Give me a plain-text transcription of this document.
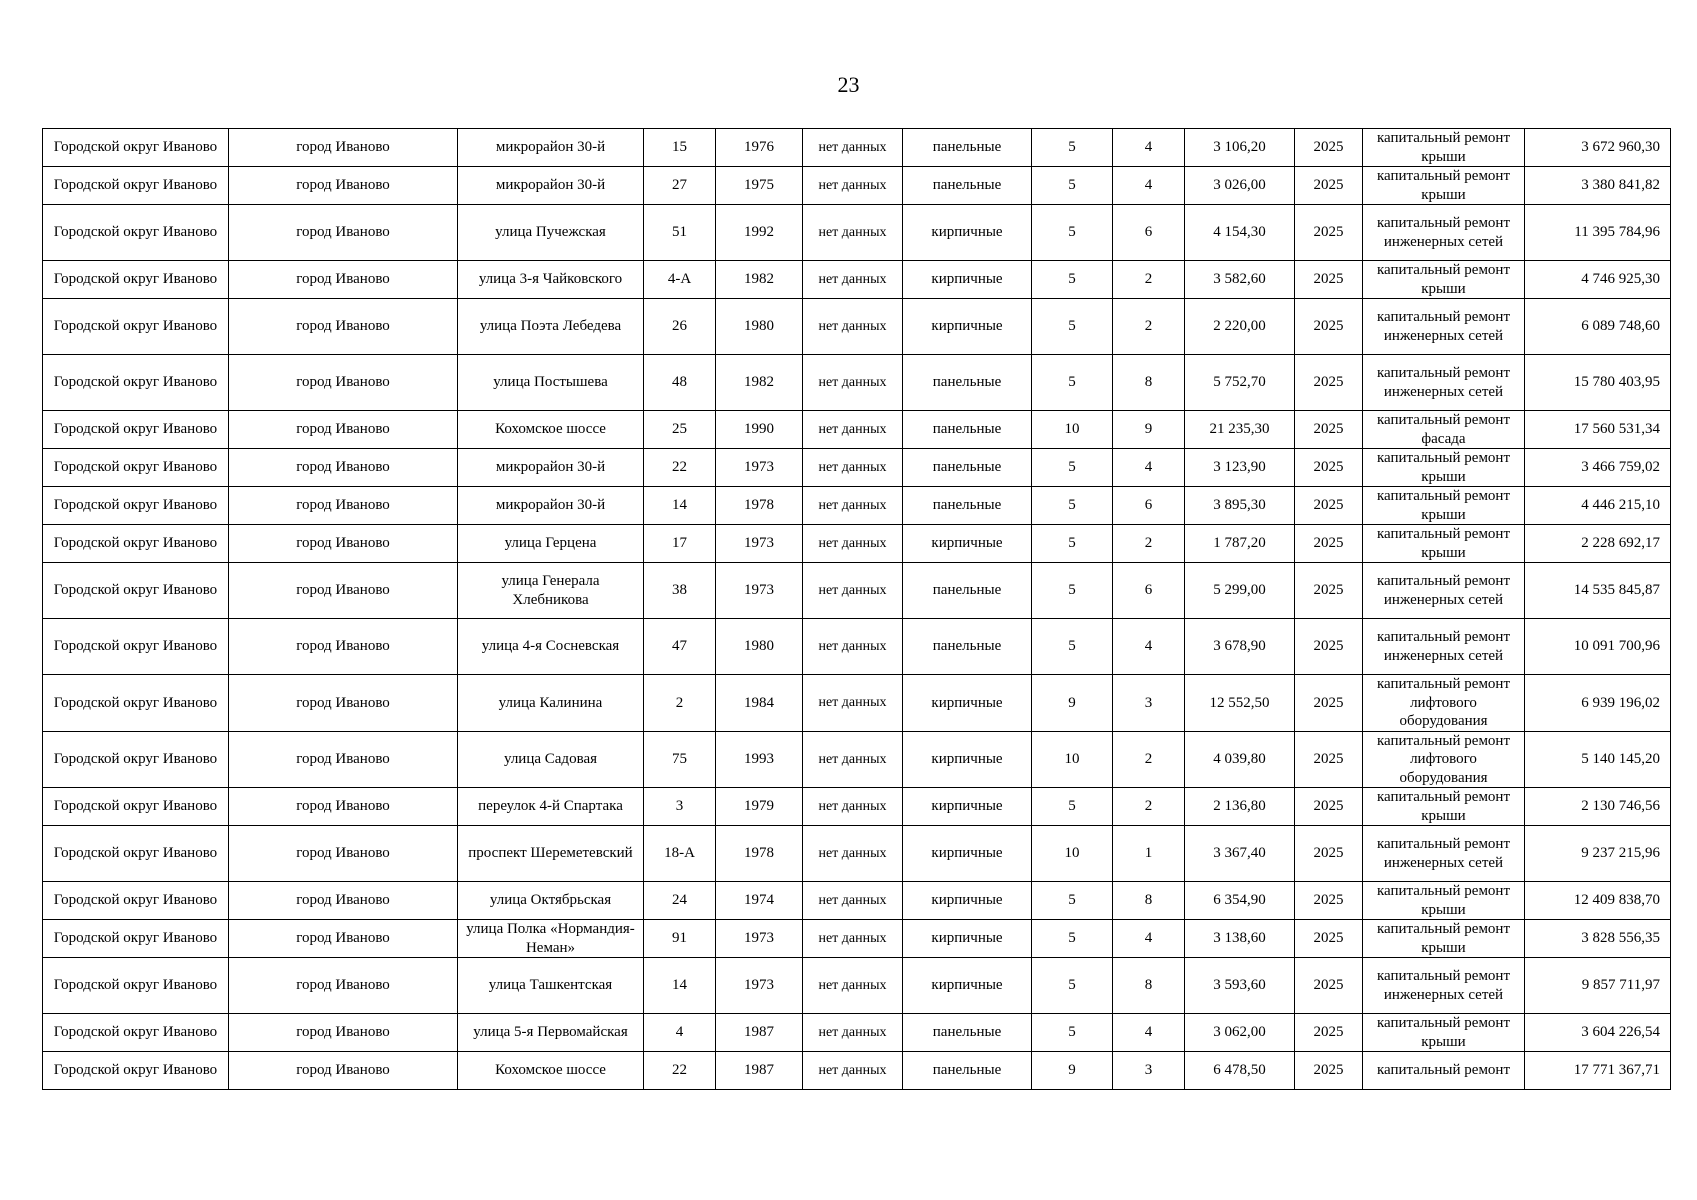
23
Городской округ Иваново	город Иваново	микрорайон 30-й	15	1976	нет данных	панельные	5	4	3 106,20	2025	капитальный ремонт крыши	3 672 960,30
Городской округ Иваново	город Иваново	микрорайон 30-й	27	1975	нет данных	панельные	5	4	3 026,00	2025	капитальный ремонт крыши	3 380 841,82
Городской округ Иваново	город Иваново	улица Пучежская	51	1992	нет данных	кирпичные	5	6	4 154,30	2025	капитальный ремонт инженерных сетей	11 395 784,96
Городской округ Иваново	город Иваново	улица 3-я Чайковского	4-А	1982	нет данных	кирпичные	5	2	3 582,60	2025	капитальный ремонт крыши	4 746 925,30
Городской округ Иваново	город Иваново	улица Поэта Лебедева	26	1980	нет данных	кирпичные	5	2	2 220,00	2025	капитальный ремонт инженерных сетей	6 089 748,60
Городской округ Иваново	город Иваново	улица Постышева	48	1982	нет данных	панельные	5	8	5 752,70	2025	капитальный ремонт инженерных сетей	15 780 403,95
Городской округ Иваново	город Иваново	Кохомское шоссе	25	1990	нет данных	панельные	10	9	21 235,30	2025	капитальный ремонт фасада	17 560 531,34
Городской округ Иваново	город Иваново	микрорайон 30-й	22	1973	нет данных	панельные	5	4	3 123,90	2025	капитальный ремонт крыши	3 466 759,02
Городской округ Иваново	город Иваново	микрорайон 30-й	14	1978	нет данных	панельные	5	6	3 895,30	2025	капитальный ремонт крыши	4 446 215,10
Городской округ Иваново	город Иваново	улица Герцена	17	1973	нет данных	кирпичные	5	2	1 787,20	2025	капитальный ремонт крыши	2 228 692,17
Городской округ Иваново	город Иваново	улица Генерала Хлебникова	38	1973	нет данных	панельные	5	6	5 299,00	2025	капитальный ремонт инженерных сетей	14 535 845,87
Городской округ Иваново	город Иваново	улица 4-я Сосневская	47	1980	нет данных	панельные	5	4	3 678,90	2025	капитальный ремонт инженерных сетей	10 091 700,96
Городской округ Иваново	город Иваново	улица Калинина	2	1984	нет данных	кирпичные	9	3	12 552,50	2025	капитальный ремонт лифтового оборудования	6 939 196,02
Городской округ Иваново	город Иваново	улица Садовая	75	1993	нет данных	кирпичные	10	2	4 039,80	2025	капитальный ремонт лифтового оборудования	5 140 145,20
Городской округ Иваново	город Иваново	переулок 4-й Спартака	3	1979	нет данных	кирпичные	5	2	2 136,80	2025	капитальный ремонт крыши	2 130 746,56
Городской округ Иваново	город Иваново	проспект Шереметевский	18-А	1978	нет данных	кирпичные	10	1	3 367,40	2025	капитальный ремонт инженерных сетей	9 237 215,96
Городской округ Иваново	город Иваново	улица Октябрьская	24	1974	нет данных	кирпичные	5	8	6 354,90	2025	капитальный ремонт крыши	12 409 838,70
Городской округ Иваново	город Иваново	улица Полка «Нормандия-Неман»	91	1973	нет данных	кирпичные	5	4	3 138,60	2025	капитальный ремонт крыши	3 828 556,35
Городской округ Иваново	город Иваново	улица Ташкентская	14	1973	нет данных	кирпичные	5	8	3 593,60	2025	капитальный ремонт инженерных сетей	9 857 711,97
Городской округ Иваново	город Иваново	улица 5-я Первомайская	4	1987	нет данных	панельные	5	4	3 062,00	2025	капитальный ремонт крыши	3 604 226,54
Городской округ Иваново	город Иваново	Кохомское шоссе	22	1987	нет данных	панельные	9	3	6 478,50	2025	капитальный ремонт	17 771 367,71
